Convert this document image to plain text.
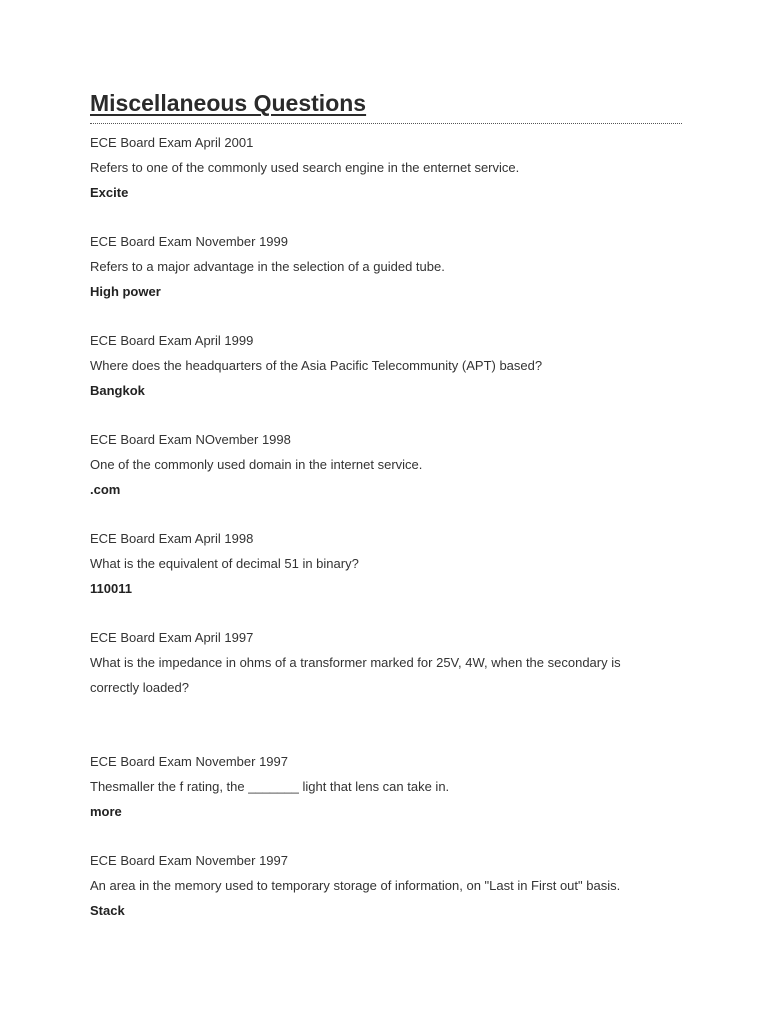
Miscellaneous Questions
ECE Board Exam April 2001
Refers to one of the commonly used search engine in the enternet service.
Excite
ECE Board Exam November 1999
Refers to a major advantage in the selection of a guided tube.
High power
ECE Board Exam April 1999
Where does the headquarters of the Asia Pacific Telecommunity (APT) based?
Bangkok
ECE Board Exam NOvember 1998
One of the commonly used domain in the internet service.
.com
ECE Board Exam April 1998
What is the equivalent of decimal 51 in binary?
110011
ECE Board Exam April 1997
What is the impedance in ohms of a transformer marked for 25V, 4W, when the secondary is correctly loaded?
ECE Board Exam November 1997
Thesmaller the f rating, the _______ light that lens can take in.
more
ECE Board Exam November 1997
An area in the memory used to temporary storage of information, on "Last in First out" basis.
Stack
